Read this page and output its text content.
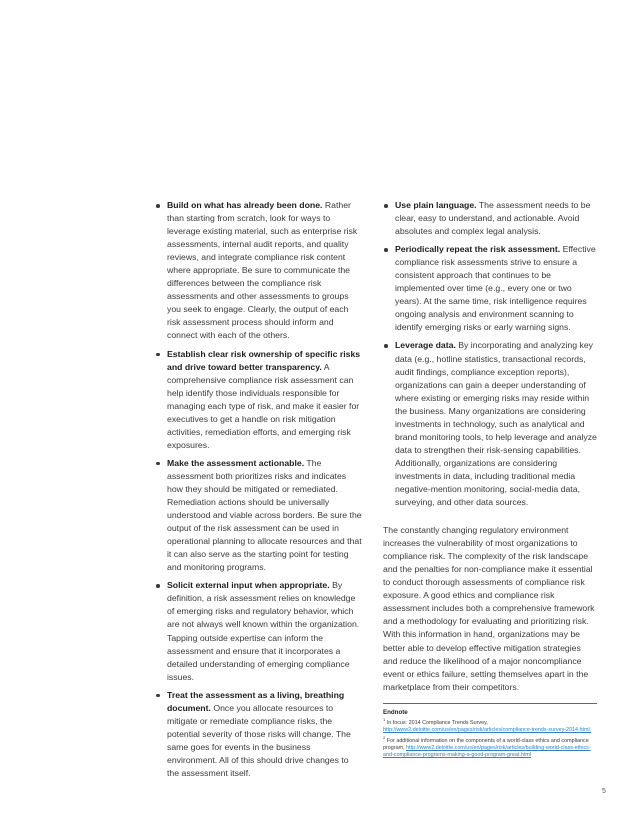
Build on what has already been done. Rather than starting from scratch, look for ways to leverage existing material, such as enterprise risk assessments, internal audit reports, and quality reviews, and integrate compliance risk content where appropriate. Be sure to communicate the differences between the compliance risk assessments and other assessments to groups you seek to engage. Clearly, the output of each risk assessment process should inform and connect with each of the others.
Establish clear risk ownership of specific risks and drive toward better transparency. A comprehensive compliance risk assessment can help identify those individuals responsible for managing each type of risk, and make it easier for executives to get a handle on risk mitigation activities, remediation efforts, and emerging risk exposures.
Make the assessment actionable. The assessment both prioritizes risks and indicates how they should be mitigated or remediated. Remediation actions should be universally understood and viable across borders. Be sure the output of the risk assessment can be used in operational planning to allocate resources and that it can also serve as the starting point for testing and monitoring programs.
Solicit external input when appropriate. By definition, a risk assessment relies on knowledge of emerging risks and regulatory behavior, which are not always well known within the organization. Tapping outside expertise can inform the assessment and ensure that it incorporates a detailed understanding of emerging compliance issues.
Treat the assessment as a living, breathing document. Once you allocate resources to mitigate or remediate compliance risks, the potential severity of those risks will change. The same goes for events in the business environment. All of this should drive changes to the assessment itself.
Use plain language. The assessment needs to be clear, easy to understand, and actionable. Avoid absolutes and complex legal analysis.
Periodically repeat the risk assessment. Effective compliance risk assessments strive to ensure a consistent approach that continues to be implemented over time (e.g., every one or two years). At the same time, risk intelligence requires ongoing analysis and environment scanning to identify emerging risks or early warning signs.
Leverage data. By incorporating and analyzing key data (e.g., hotline statistics, transactional records, audit findings, compliance exception reports), organizations can gain a deeper understanding of where existing or emerging risks may reside within the business. Many organizations are considering investments in technology, such as analytical and brand monitoring tools, to help leverage and analyze data to strengthen their risk-sensing capabilities. Additionally, organizations are considering investments in data, including traditional media negative-mention monitoring, social-media data, surveying, and other data sources.

The constantly changing regulatory environment increases the vulnerability of most organizations to compliance risk. The complexity of the risk landscape and the penalties for non-compliance make it essential to conduct thorough assessments of compliance risk exposure. A good ethics and compliance risk assessment includes both a comprehensive framework and a methodology for evaluating and prioritizing risk. With this information in hand, organizations may be better able to develop effective mitigation strategies and reduce the likelihood of a major noncompliance event or ethics failure, setting themselves apart in the marketplace from their competitors.

Endnote
$^1$ In focus: 2014 Compliance Trends Survey, http://www2.deloitte.com/us/en/pages/risk/articles/compliance-trends-survey-2014.html.
$^2$ For additional information on the components of a world-class ethics and compliance program, http://www2.deloitte.com/us/en/pages/risk/articles/building-world-class-ethics-and-compliance-programs-making-a-good-program-great.html
5
